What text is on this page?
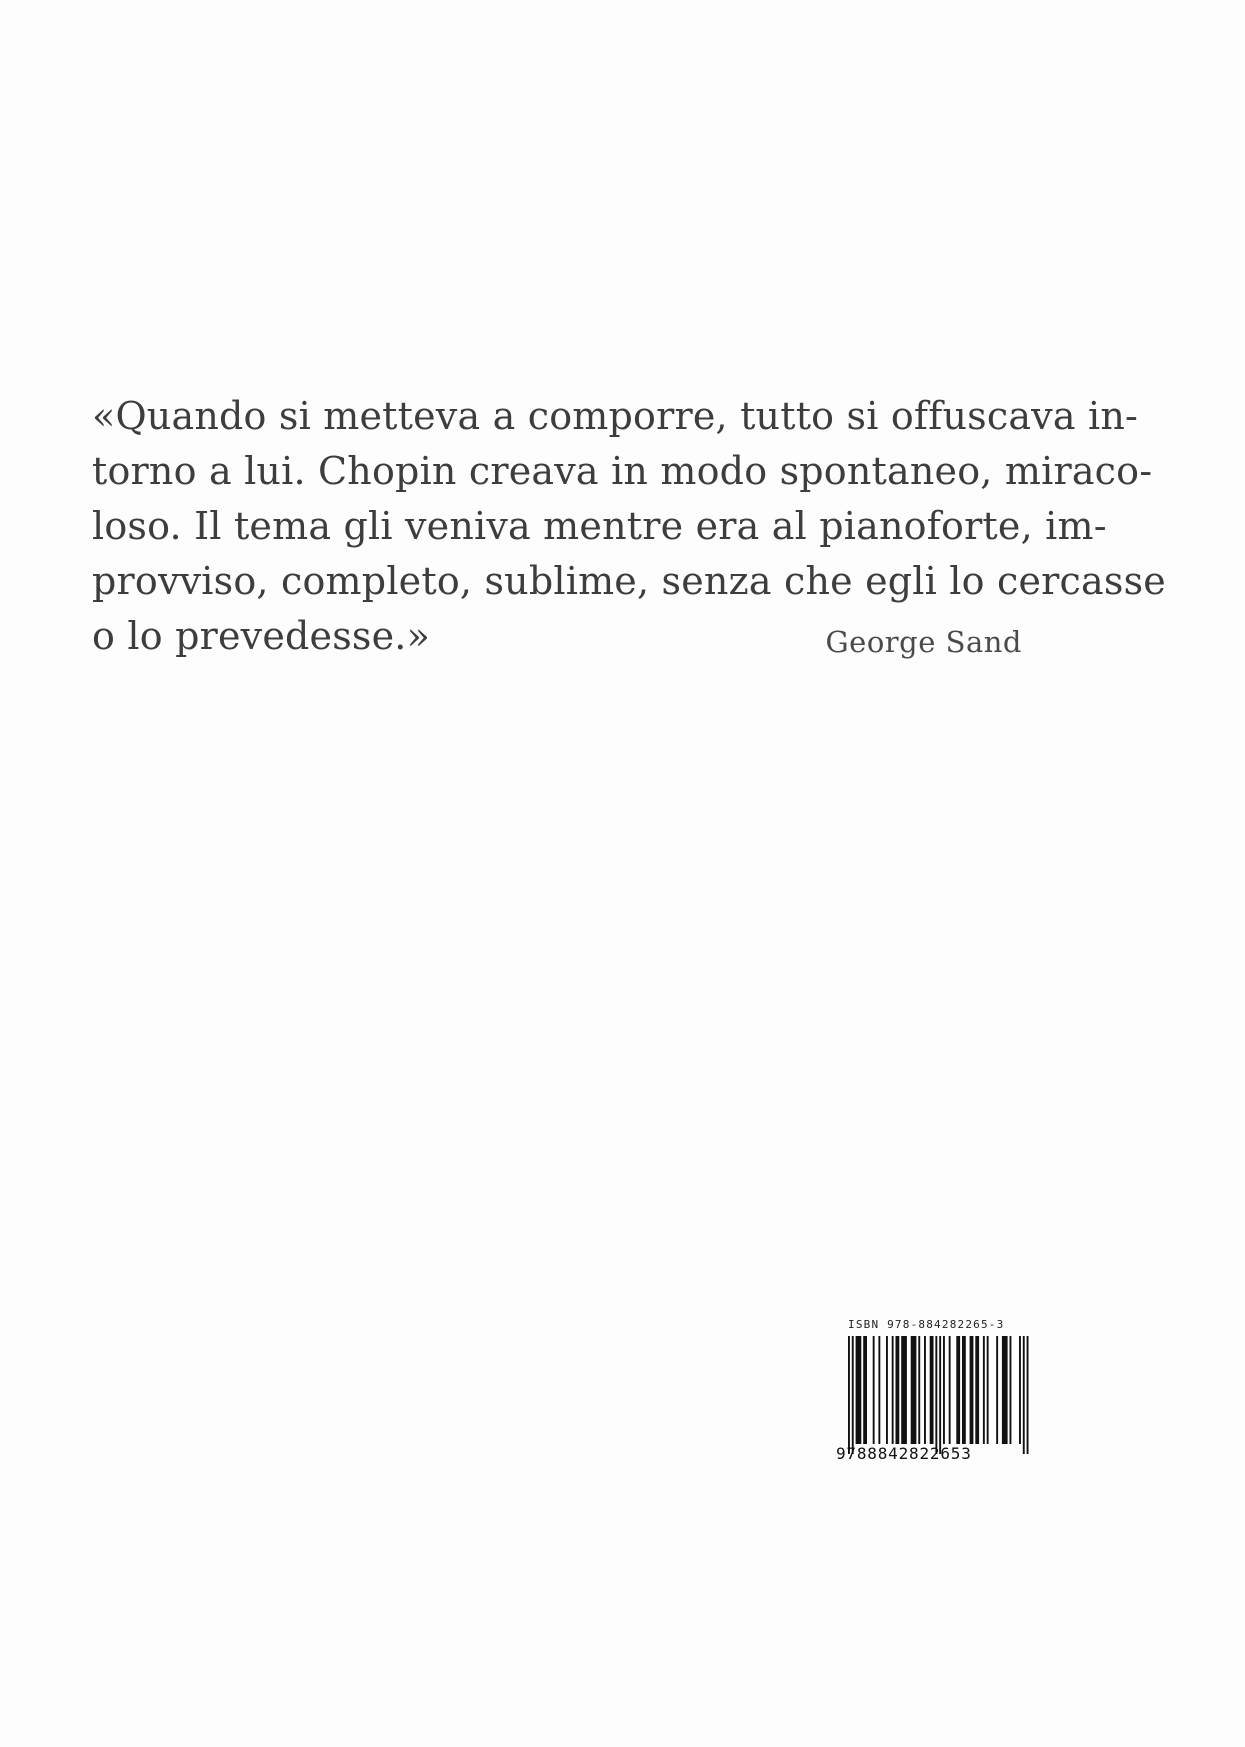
«Quando si metteva a comporre, tutto si offuscava in-
torno a lui. Chopin creava in modo spontaneo, miraco-
loso. Il tema gli veniva mentre era al pianoforte, im-
provviso, completo, sublime, senza che egli lo cercasse
o lo prevedesse.»	George Sand
ISBN 978-884282265-3
9788842822653
